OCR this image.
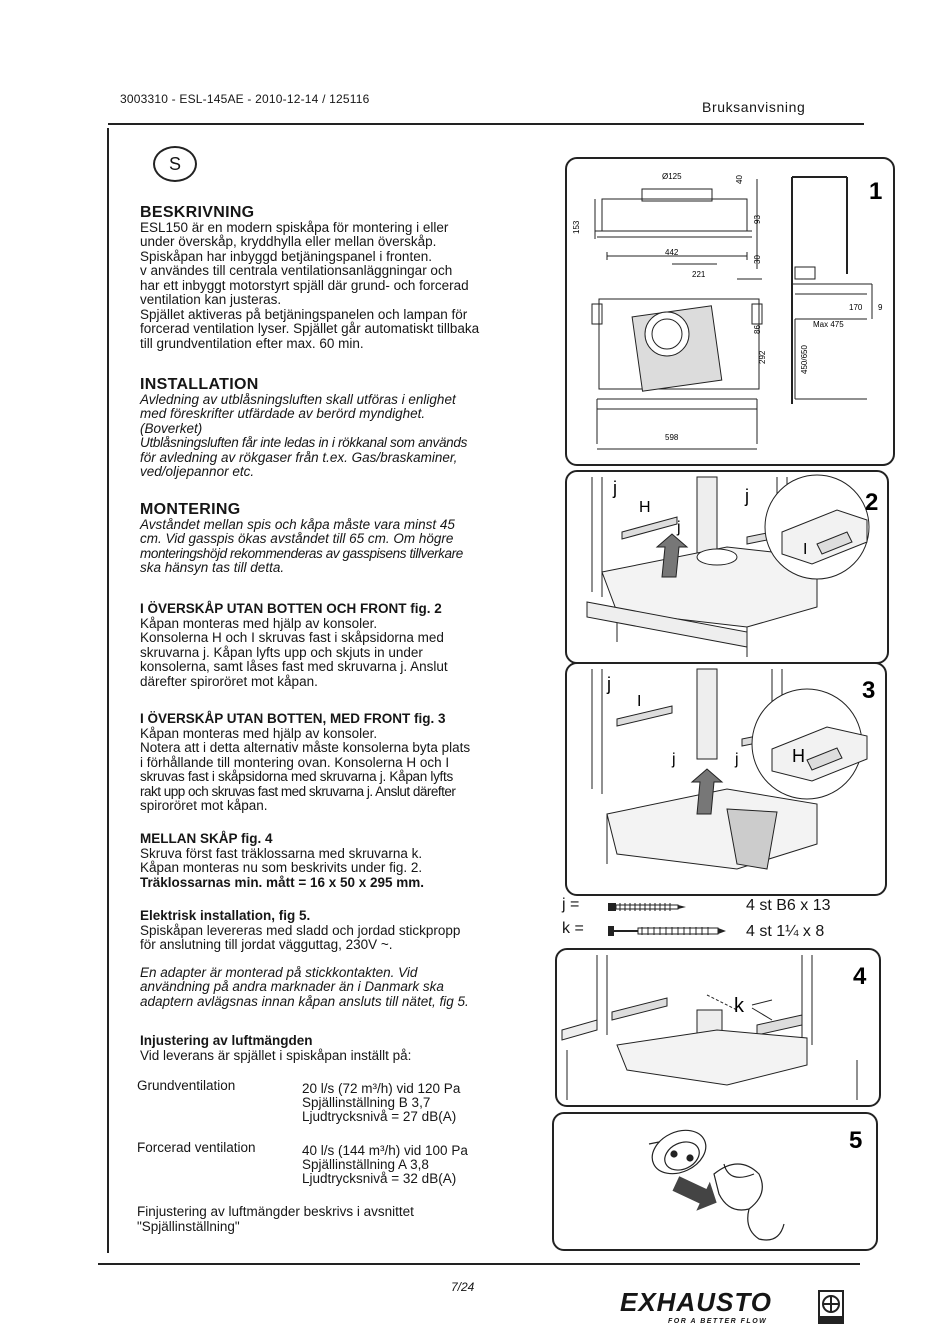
3003310 - ESL-145AE - 2010-12-14 / 125116	Bruksanvisning
S
BESKRIVNING

ESL150 är en modern spiskåpa för montering i eller

under överskåp, kryddhylla eller mellan överskåp.

Spiskåpan har inbyggd betjäningspanel i fronten.

v användes till centrala ventilationsanläggningar och

har ett inbyggt motorstyrt spjäll där grund- och forcerad

ventilation kan justeras.

Spjället aktiveras på betjäningspanelen och lampan för

forcerad ventilation lyser. Spjället går automatiskt tillbaka

till grundventilation efter max. 60 min.

INSTALLATION

Avledning av utblåsningsluften skall utföras i enlighet

med föreskrifter utfärdade av berörd myndighet.

(Boverket)

Utblåsningsluften får inte ledas in i rökkanal som används

för avledning av rökgaser från t.ex. Gas/braskaminer,

ved/oljepannor etc.

MONTERING

Avståndet mellan spis och kåpa måste vara minst 45

cm. Vid gasspis ökas avståndet till 65 cm. Om högre

monteringshöjd rekommenderas av gasspisens tillverkare

ska hänsyn tas till detta.

I ÖVERSKÅP UTAN BOTTEN OCH FRONT fig. 2

Kåpan monteras med hjälp av konsoler.

Konsolerna H och I skruvas fast i skåpsidorna med

skruvarna j. Kåpan lyfts upp och skjuts in under

konsolerna, samt låses fast med skruvarna j. Anslut

därefter spiroröret mot kåpan.

I ÖVERSKÅP UTAN BOTTEN, MED FRONT fig. 3

Kåpan monteras med hjälp av konsoler.

Notera att i detta alternativ måste konsolerna byta plats

i förhållande till montering ovan. Konsolerna H och I

skruvas fast i skåpsidorna med skruvarna j. Kåpan lyfts

rakt upp och skruvas fast med skruvarna j. Anslut därefter

spiroröret mot kåpan.

MELLAN SKÅP fig. 4

Skruva först fast träklossarna med skruvarna k.

Kåpan monteras nu som beskrivits under fig. 2.

Träklossarnas min. mått = 16 x 50 x 295 mm.

Elektrisk installation, fig 5.

Spiskåpan levereras med sladd och jordad stickpropp

för anslutning till jordat vägguttag, 230V ~.

En adapter är monterad på stickkontakten. Vid

användning på andra marknader än i Danmark ska

adaptern avlägsnas innan kåpan ansluts till nätet, fig 5.

Injustering av luftmängden

Vid leverans är spjället i spiskåpan inställt på:

Grundventilation	20 l/s (72 m³/h) vid 120 Pa
Spjällinställning B 3,7
Ljudtrycksnivå = 27 dB(A)
Forcerad ventilation	40 l/s (144 m³/h) vid 100 Pa
Spjällinställning A 3,8
Ljudtrycksnivå = 32 dB(A)
Finjustering av luftmängder beskrivs i avsnittet
"Spjällinställning"
Ø125	40
153
93
442
30
221
170 9
Max 475
86
292	450/650
598
1
j
H
j
j
I
2
j
I
j	j	H
3
j =	4 st B6 x 13
k =	4 st 1¼ x 8
k
4
5
7/24	EXHAUSTO
FOR A BETTER FLOW
